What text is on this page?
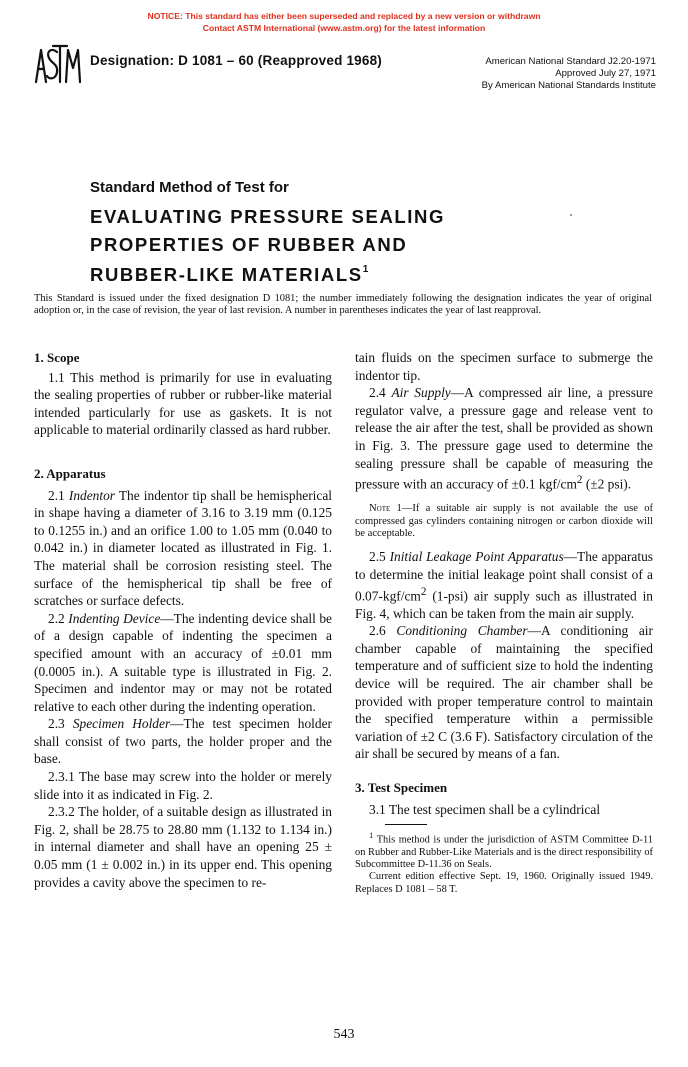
NOTICE: This standard has either been superseded and replaced by a new version or withdrawn
Contact ASTM International (www.astm.org) for the latest information
Designation: D 1081 – 60 (Reapproved 1968)	American National Standard J2.20-1971
Approved July 27, 1971
By American National Standards Institute
Standard Method of Test for
EVALUATING PRESSURE SEALING
PROPERTIES OF RUBBER AND
RUBBER-LIKE MATERIALS$^1$
This Standard is issued under the fixed designation D 1081; the number immediately following the designation indicates the year of original adoption or, in the case of revision, the year of last revision. A number in parentheses indicates the year of last reapproval.
1. Scope

1.1 This method is primarily for use in evaluating the sealing properties of rubber or rubber-like material intended particularly for use as gaskets. It is not applicable to material ordinarily classed as hard rubber.

2. Apparatus

2.1 Indentor The indentor tip shall be hemispherical in shape having a diameter of 3.16 to 3.19 mm (0.125 to 0.1255 in.) and an orifice 1.00 to 1.05 mm (0.040 to 0.042 in.) in diameter located as illustrated in Fig. 1. The material shall be corrosion resisting steel. The surface of the hemispherical tip shall be free of scratches or surface defects.

2.2 Indenting Device—The indenting device shall be of a design capable of indenting the specimen a specified amount with an accuracy of ±0.01 mm (0.0005 in.). A suitable type is illustrated in Fig. 2. Specimen and indentor may or may not be rotated relative to each other during the indenting operation.

2.3 Specimen Holder—The test specimen holder shall consist of two parts, the holder proper and the base.

2.3.1 The base may screw into the holder or merely slide into it as indicated in Fig. 2.

2.3.2 The holder, of a suitable design as illustrated in Fig. 2, shall be 28.75 to 28.80 mm (1.132 to 1.134 in.) in internal diameter and shall have an opening 25 ± 0.05 mm (1 ± 0.002 in.) in its upper end. This opening provides a cavity above the specimen to re-

tain fluids on the specimen surface to submerge the indentor tip.

2.4 Air Supply—A compressed air line, a pressure regulator valve, a pressure gage and release vent to release the air after the test, shall be provided as shown in Fig. 3. The pressure gage used to determine the sealing pressure shall be capable of measuring the pressure with an accuracy of ±0.1 kgf/$cm^2$ (±2 psi).

Note 1—If a suitable air supply is not available the use of compressed gas cylinders containing nitrogen or carbon dioxide will be acceptable.

2.5 Initial Leakage Point Apparatus—The apparatus to determine the initial leakage point shall consist of a $0.07-kgf/cm^2$ (1-psi) air supply such as illustrated in Fig. 4, which can be taken from the main air supply.

2.6 Conditioning Chamber—A conditioning air chamber capable of maintaining the specified temperature and of sufficient size to hold the indenting device will be required. The air chamber shall be provided with proper temperature control to maintain the specified temperature within a permissible variation of ±2 C (3.6 F). Satisfactory circulation of the air shall be secured by means of a fan.

3. Test Specimen

3.1 The test specimen shall be a cylindrical

$^1$ This method is under the jurisdiction of ASTM Committee D-11 on Rubber and Rubber-Like Materials and is the direct responsibility of Subcommittee D-11.36 on Seals.

Current edition effective Sept. 19, 1960. Originally issued 1949. Replaces D 1081 – 58 T.

543
